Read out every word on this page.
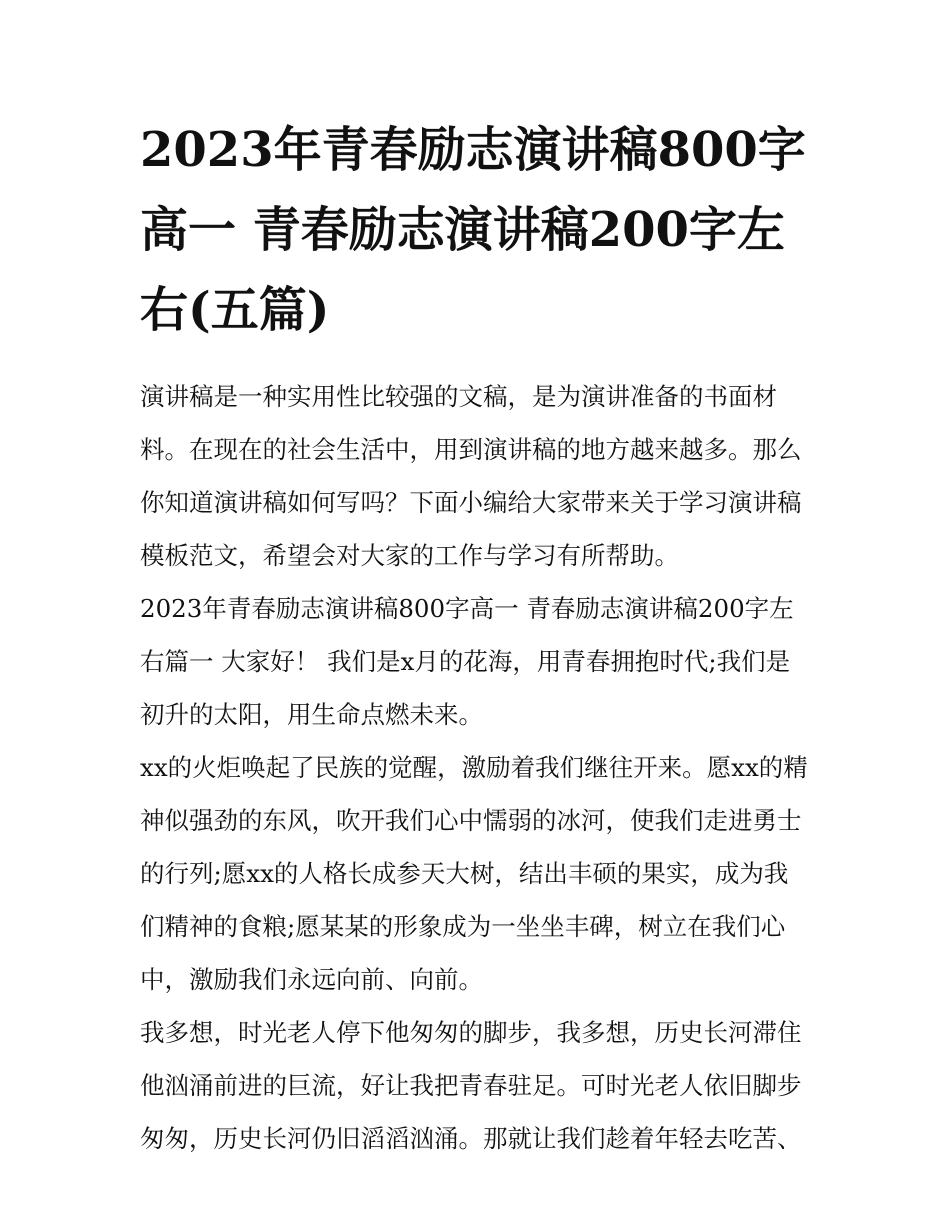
2023年青春励志演讲稿800字高一 青春励志演讲稿200字左右(五篇)

演讲稿是一种实用性比较强的文稿，是为演讲准备的书面材料。在现在的社会生活中，用到演讲稿的地方越来越多。那么你知道演讲稿如何写吗？下面小编给大家带来关于学习演讲稿模板范文，希望会对大家的工作与学习有所帮助。

2023年青春励志演讲稿800字高一 青春励志演讲稿200字左右篇一 大家好！ 我们是x月的花海，用青春拥抱时代;我们是初升的太阳，用生命点燃未来。

xx的火炬唤起了民族的觉醒，激励着我们继往开来。愿xx的精神似强劲的东风，吹开我们心中懦弱的冰河，使我们走进勇士的行列;愿xx的人格长成参天大树，结出丰硕的果实，成为我们精神的食粮;愿某某的形象成为一坐坐丰碑，树立在我们心中，激励我们永远向前、向前。

我多想，时光老人停下他匆匆的脚步，我多想，历史长河滞住他汹涌前进的巨流，好让我把青春驻足。可时光老人依旧脚步匆匆，历史长河仍旧滔滔汹涌。那就让我们趁着年轻去吃苦、
